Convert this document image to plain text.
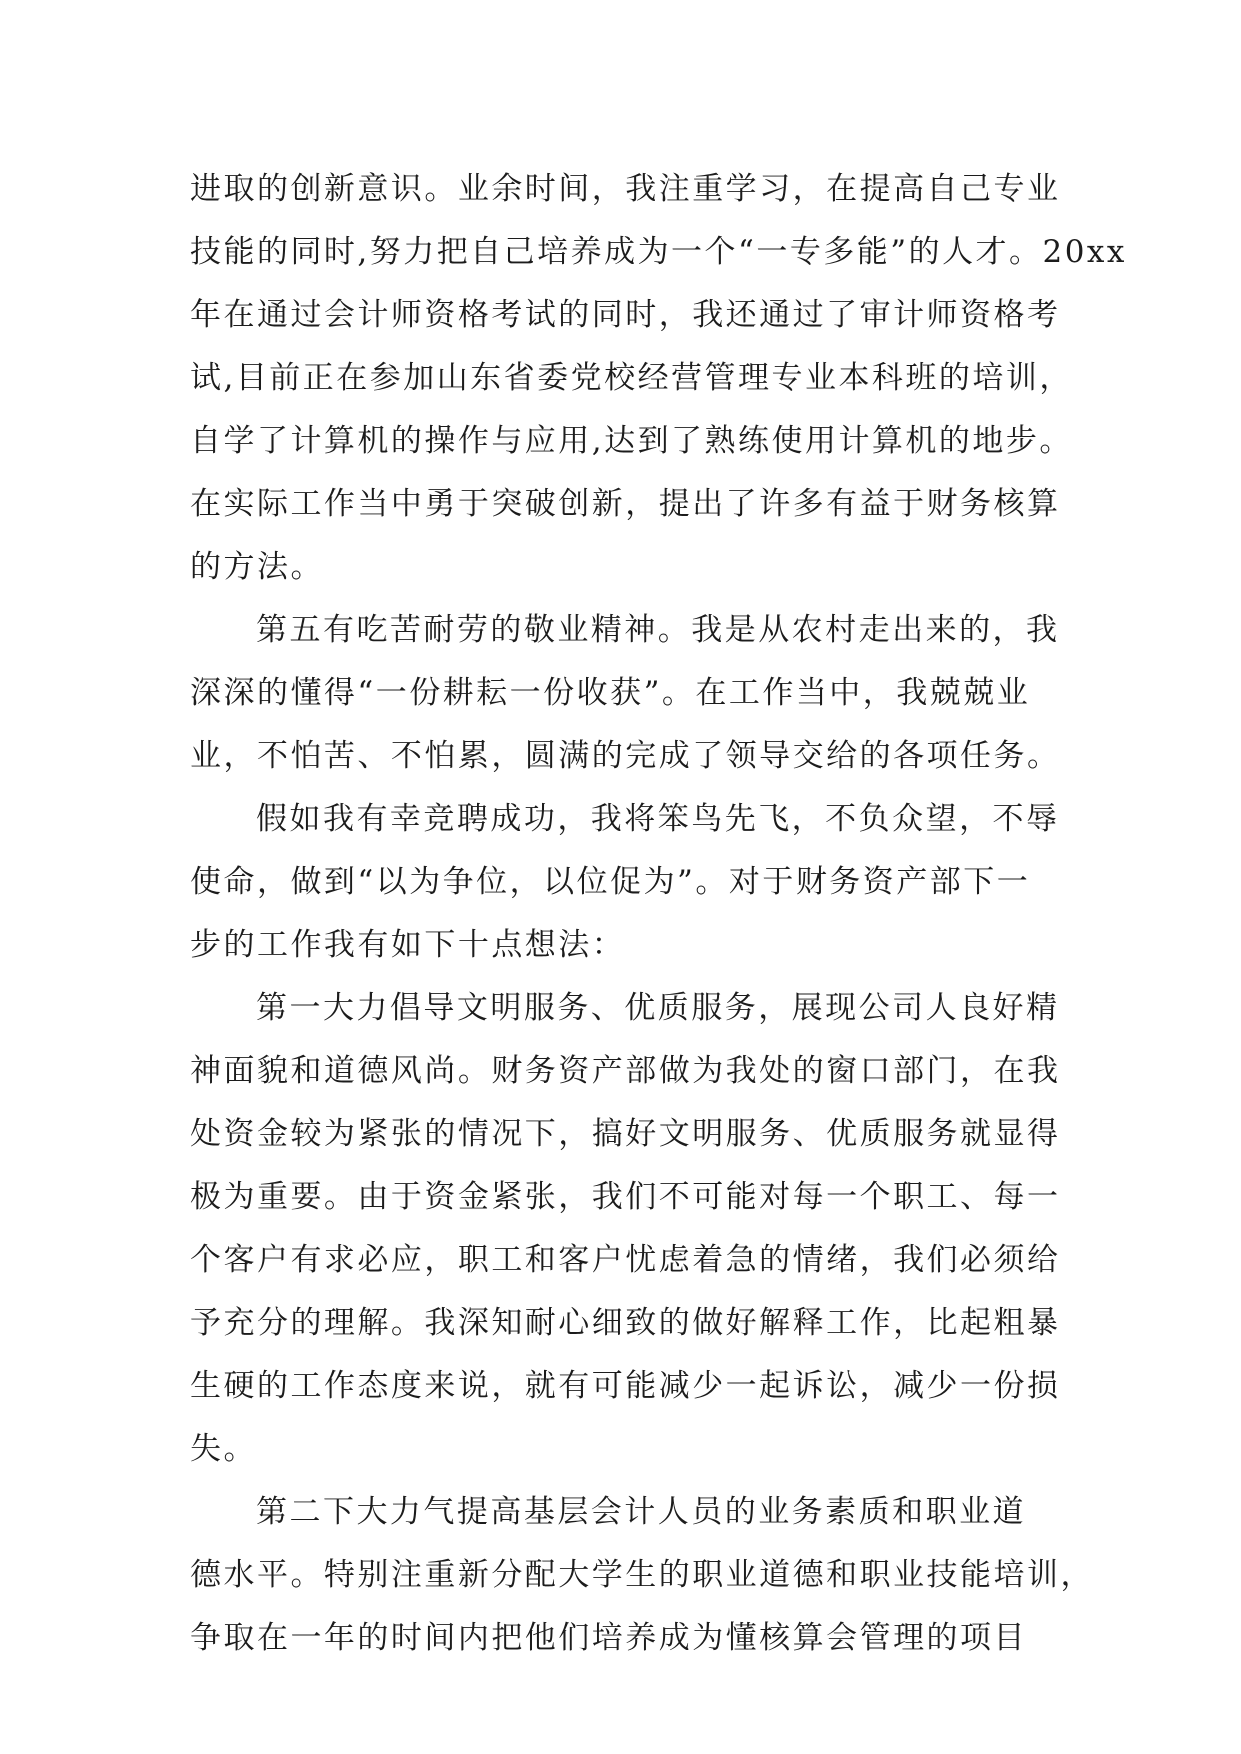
进取的创新意识。业余时间，我注重学习，在提高自己专业
技能的同时,努力把自己培养成为一个“一专多能”的人才。20xx
年在通过会计师资格考试的同时，我还通过了审计师资格考
试,目前正在参加山东省委党校经营管理专业本科班的培训，
自学了计算机的操作与应用,达到了熟练使用计算机的地步。
在实际工作当中勇于突破创新，提出了许多有益于财务核算
的方法。
第五有吃苦耐劳的敬业精神。我是从农村走出来的，我
深深的懂得“一份耕耘一份收获”。在工作当中，我兢兢业
业，不怕苦、不怕累，圆满的完成了领导交给的各项任务。
假如我有幸竞聘成功，我将笨鸟先飞，不负众望，不辱
使命，做到“以为争位，以位促为”。对于财务资产部下一
步的工作我有如下十点想法：
第一大力倡导文明服务、优质服务，展现公司人良好精
神面貌和道德风尚。财务资产部做为我处的窗口部门，在我
处资金较为紧张的情况下，搞好文明服务、优质服务就显得
极为重要。由于资金紧张，我们不可能对每一个职工、每一
个客户有求必应，职工和客户忧虑着急的情绪，我们必须给
予充分的理解。我深知耐心细致的做好解释工作，比起粗暴
生硬的工作态度来说，就有可能减少一起诉讼，减少一份损
失。
第二下大力气提高基层会计人员的业务素质和职业道
德水平。特别注重新分配大学生的职业道德和职业技能培训，
争取在一年的时间内把他们培养成为懂核算会管理的项目
